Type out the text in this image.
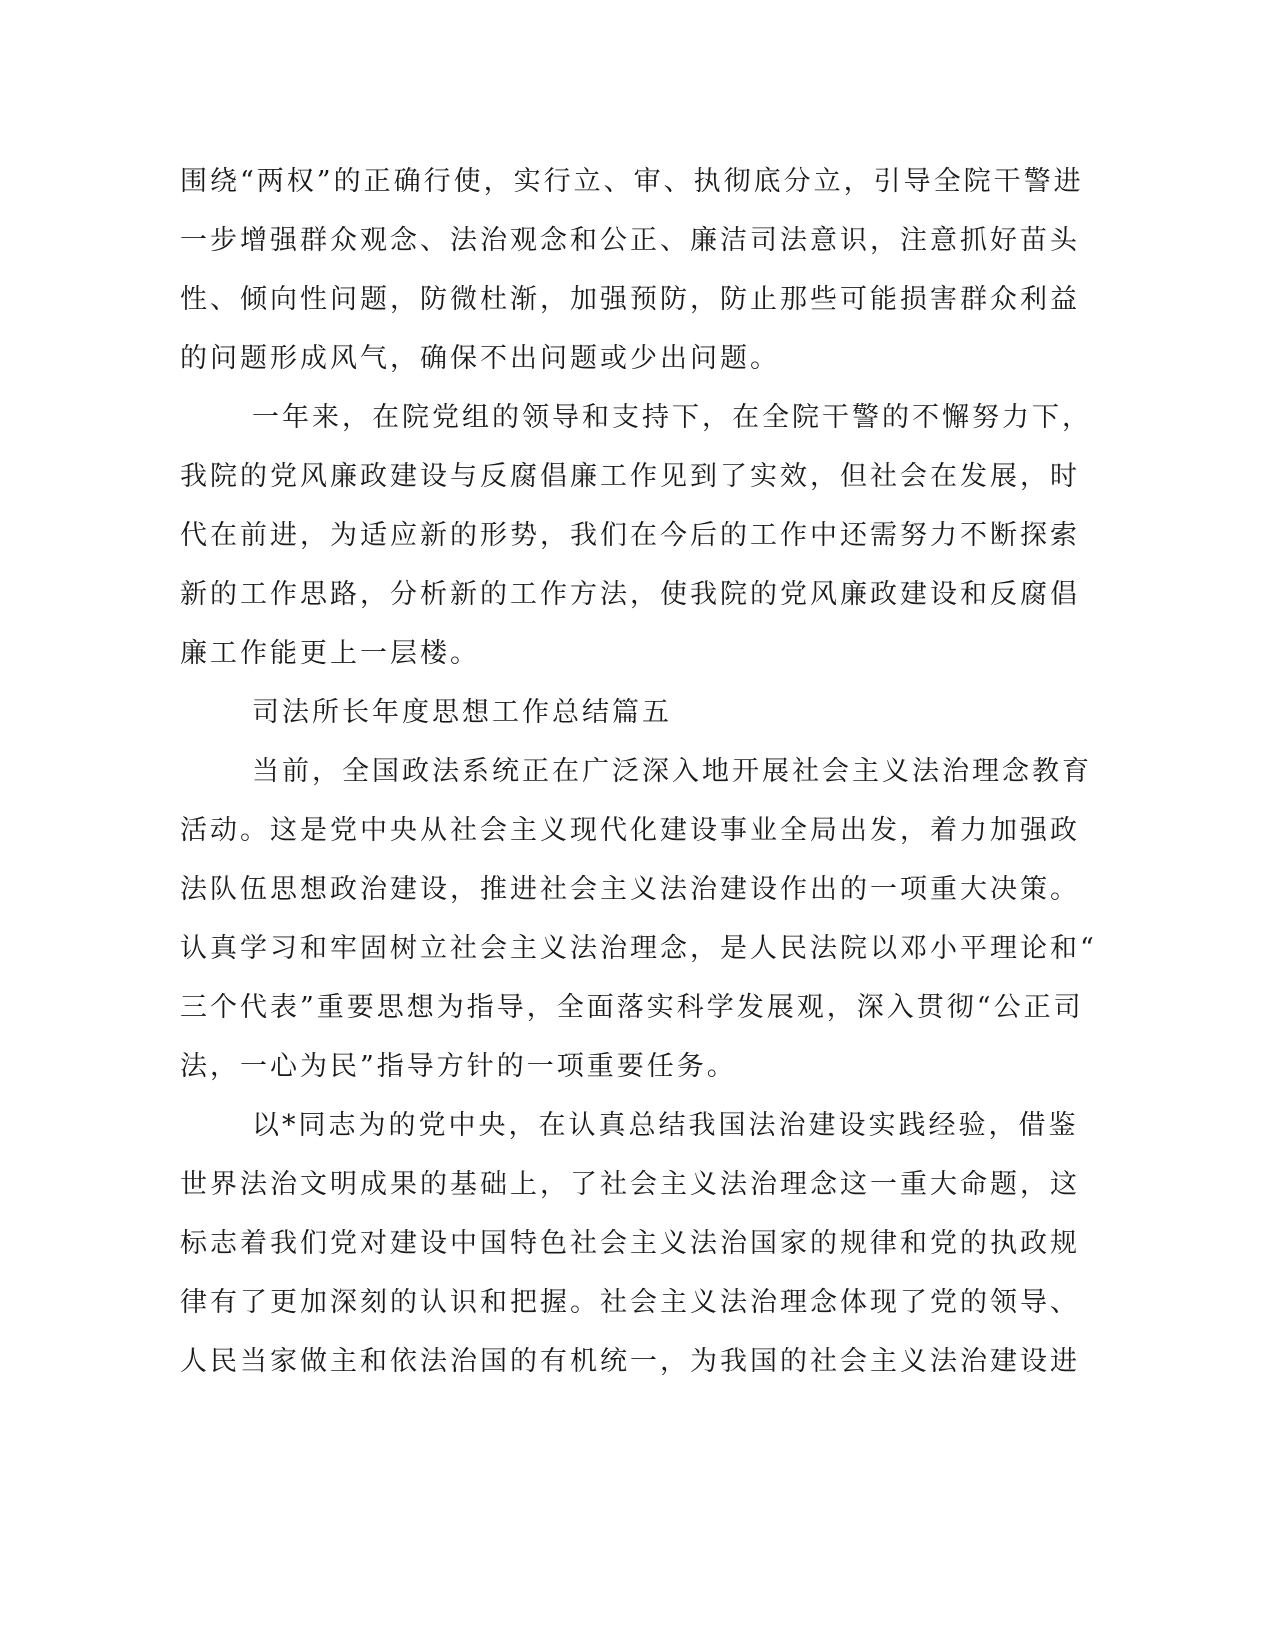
围绕“两权”的正确行使，实行立、审、执彻底分立，引导全院干警进
一步增强群众观念、法治观念和公正、廉洁司法意识，注意抓好苗头
性、倾向性问题，防微杜渐，加强预防，防止那些可能损害群众利益
的问题形成风气，确保不出问题或少出问题。
一年来，在院党组的领导和支持下，在全院干警的不懈努力下，
我院的党风廉政建设与反腐倡廉工作见到了实效，但社会在发展，时
代在前进，为适应新的形势，我们在今后的工作中还需努力不断探索
新的工作思路，分析新的工作方法，使我院的党风廉政建设和反腐倡
廉工作能更上一层楼。
司法所长年度思想工作总结篇五
当前，全国政法系统正在广泛深入地开展社会主义法治理念教育
活动。这是党中央从社会主义现代化建设事业全局出发，着力加强政
法队伍思想政治建设，推进社会主义法治建设作出的一项重大决策。
认真学习和牢固树立社会主义法治理念，是人民法院以邓小平理论和“
三个代表”重要思想为指导，全面落实科学发展观，深入贯彻“公正司
法，一心为民”指导方针的一项重要任务。
以*同志为的党中央，在认真总结我国法治建设实践经验，借鉴
世界法治文明成果的基础上，了社会主义法治理念这一重大命题，这
标志着我们党对建设中国特色社会主义法治国家的规律和党的执政规
律有了更加深刻的认识和把握。社会主义法治理念体现了党的领导、
人民当家做主和依法治国的有机统一，为我国的社会主义法治建设进
